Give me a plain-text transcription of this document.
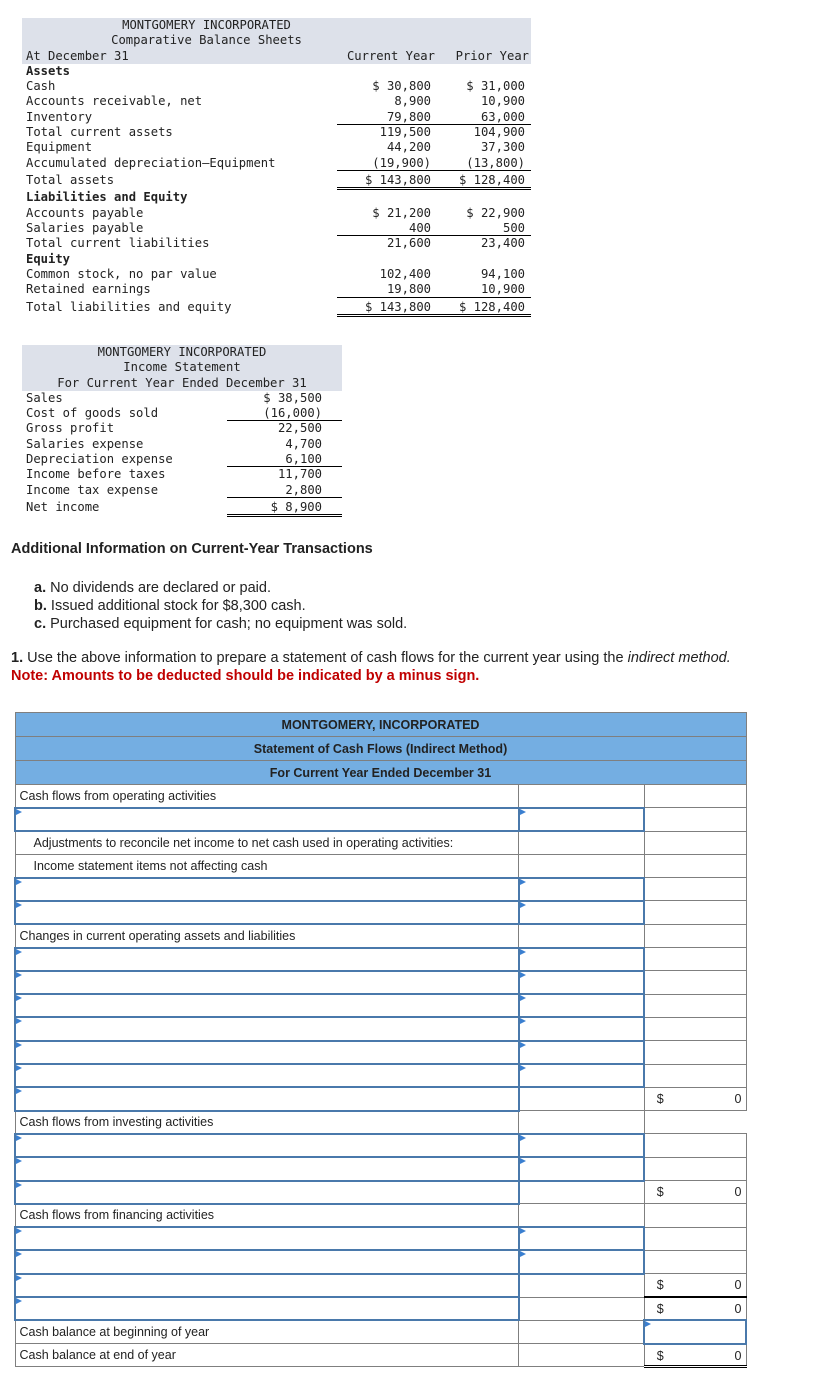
MONTGOMERY INCORPORATED
Comparative Balance Sheets
At December 31	Current Year	Prior Year
Assets
Cash	$ 30,800	$ 31,000
Accounts receivable, net	8,900	10,900
Inventory	79,800	63,000
Total current assets	119,500	104,900
Equipment	44,200	37,300
Accumulated depreciation—Equipment	(19,900)	(13,800)
Total assets	$ 143,800	$ 128,400
Liabilities and Equity
Accounts payable	$ 21,200	$ 22,900
Salaries payable	400	500
Total current liabilities	21,600	23,400
Equity
Common stock, no par value	102,400	94,100
Retained earnings	19,800	10,900
Total liabilities and equity	$ 143,800	$ 128,400
MONTGOMERY INCORPORATED
Income Statement
For Current Year Ended December 31
Sales	$ 38,500
Cost of goods sold	(16,000)
Gross profit	22,500
Salaries expense	4,700
Depreciation expense	6,100
Income before taxes	11,700
Income tax expense	2,800
Net income	$ 8,900
Additional Information on Current-Year Transactions
a. No dividends are declared or paid.
b. Issued additional stock for $8,300 cash.
c. Purchased equipment for cash; no equipment was sold.
1. Use the above information to prepare a statement of cash flows for the current year using the indirect method.
Note: Amounts to be deducted should be indicated by a minus sign.
MONTGOMERY, INCORPORATED		
Statement of Cash Flows (Indirect Method)		
For Current Year Ended December 31		
Cash flows from operating activities		

Adjustments to reconcile net income to net cash used in operating activities:		
Income statement items not affecting cash		

Changes in current operating assets and liabilities		

		$ 0

Cash flows from investing activities		

		$ 0

Cash flows from financing activities		

		$ 0

		$ 0

Cash balance at beginning of year		
Cash balance at end of year		$ 0
